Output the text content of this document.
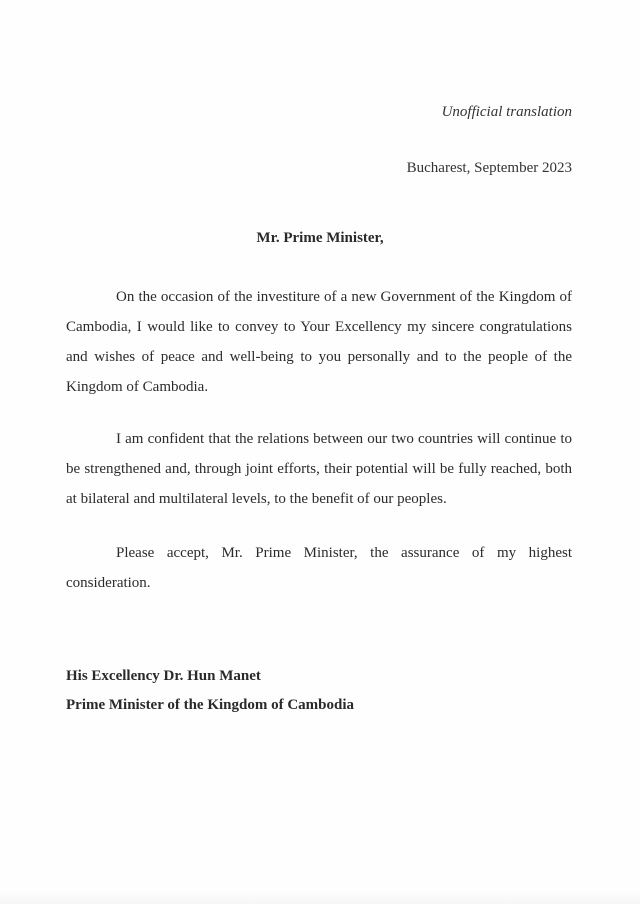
Unofficial translation
Bucharest, September 2023
Mr. Prime Minister,
On the occasion of the investiture of a new Government of the Kingdom of Cambodia, I would like to convey to Your Excellency my sincere congratulations and wishes of peace and well-being to you personally and to the people of the Kingdom of Cambodia.
I am confident that the relations between our two countries will continue to be strengthened and, through joint efforts, their potential will be fully reached, both at bilateral and multilateral levels, to the benefit of our peoples.
Please accept, Mr. Prime Minister, the assurance of my highest consideration.
His Excellency Dr. Hun Manet
Prime Minister of the Kingdom of Cambodia
